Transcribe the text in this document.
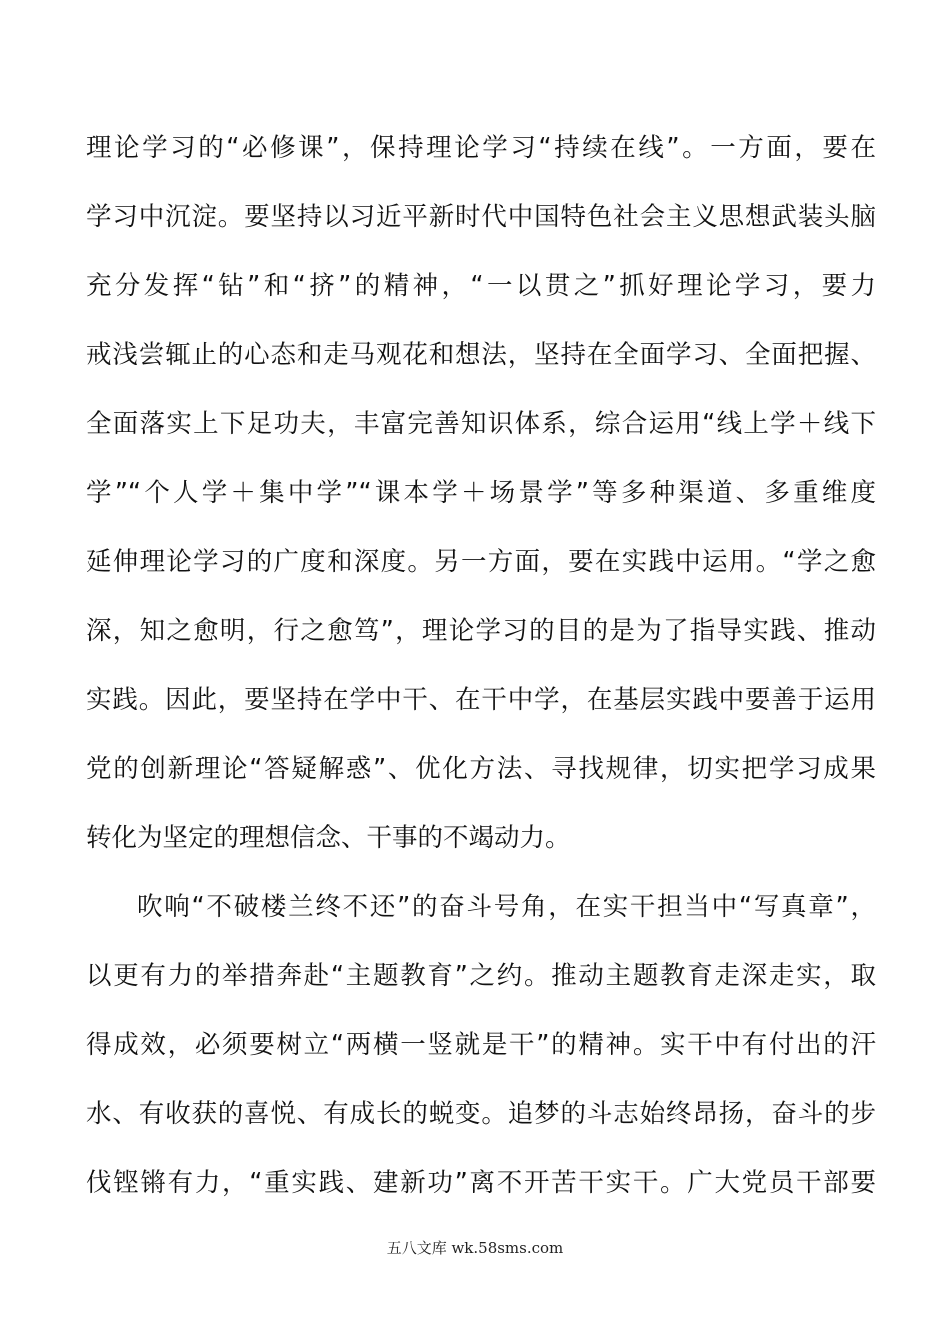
理论学习的“必修课”，保持理论学习“持续在线”。一方面，要在
学习中沉淀。要坚持以习近平新时代中国特色社会主义思想武装头脑
充分发挥“钻”和“挤”的精神，“一以贯之”抓好理论学习，要力
戒浅尝辄止的心态和走马观花和想法，坚持在全面学习、全面把握、
全面落实上下足功夫，丰富完善知识体系，综合运用“线上学＋线下
学”“个人学＋集中学”“课本学＋场景学”等多种渠道、多重维度
延伸理论学习的广度和深度。另一方面，要在实践中运用。“学之愈
深，知之愈明，行之愈笃”，理论学习的目的是为了指导实践、推动
实践。因此，要坚持在学中干、在干中学，在基层实践中要善于运用
党的创新理论“答疑解惑”、优化方法、寻找规律，切实把学习成果
转化为坚定的理想信念、干事的不竭动力。
吹响“不破楼兰终不还”的奋斗号角，在实干担当中“写真章”，
以更有力的举措奔赴“主题教育”之约。推动主题教育走深走实，取
得成效，必须要树立“两横一竖就是干”的精神。实干中有付出的汗
水、有收获的喜悦、有成长的蜕变。追梦的斗志始终昂扬，奋斗的步
伐铿锵有力，“重实践、建新功”离不开苦干实干。广大党员干部要
五八文库 wk.58sms.com
